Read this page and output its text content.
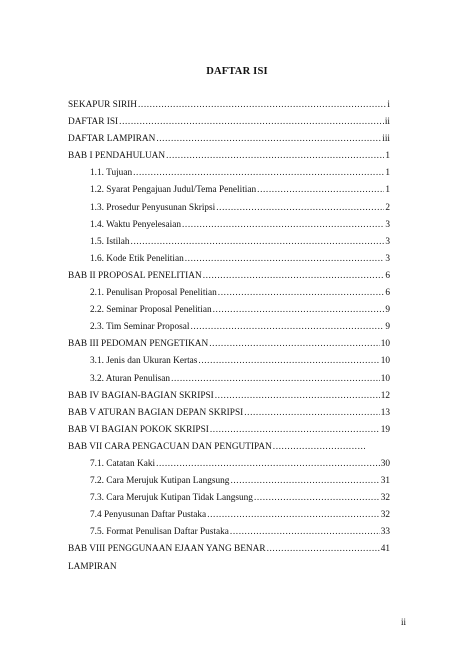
DAFTAR ISI
SEKAPUR SIRIH .....	i
DAFTAR ISI .....	ii
DAFTAR LAMPIRAN .....	iii
BAB I PENDAHULUAN .....	1
1.1. Tujuan .....	1
1.2. Syarat Pengajuan Judul/Tema Penelitian .....	1
1.3. Prosedur Penyusunan Skripsi .....	2
1.4. Waktu Penyelesaian .....	3
1.5. Istilah .....	3
1.6. Kode Etik Penelitian .....	3
BAB II PROPOSAL PENELITIAN .....	6
2.1. Penulisan Proposal Penelitian .....	6
2.2. Seminar Proposal Penelitian .....	9
2.3. Tim Seminar Proposal .....	9
BAB III PEDOMAN PENGETIKAN .....	10
3.1. Jenis dan Ukuran Kertas .....	10
3.2. Aturan Penulisan .....	10
BAB IV BAGIAN-BAGIAN SKRIPSI .....	12
BAB V ATURAN BAGIAN DEPAN SKRIPSI .....	13
BAB VI BAGIAN POKOK SKRIPSI .....	19
BAB VII CARA PENGACUAN DAN PENGUTIPAN
.....
7.1. Catatan Kaki .....	30
7.2. Cara Merujuk Kutipan Langsung .....	31
7.3. Cara Merujuk Kutipan Tidak Langsung .....	32
7.4 Penyusunan Daftar Pustaka .....	32
7.5. Format Penulisan Daftar Pustaka .....	33
BAB VIII PENGGUNAAN EJAAN YANG BENAR .....	41
LAMPIRAN
ii
